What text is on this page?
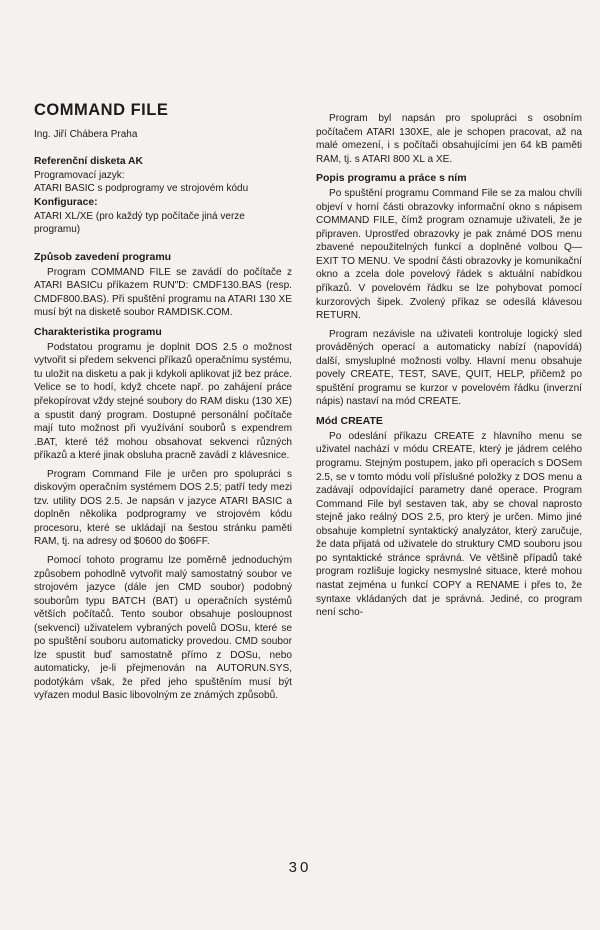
COMMAND FILE
Ing. Jiří Chábera Praha
Referenční disketa AK
Programovací jazyk:
ATARI BASIC s podprogramy ve strojovém kódu
Konfigurace:
ATARI XL/XE (pro každý typ počítače jiná verze programu)
Způsob zavedení programu

Program COMMAND FILE se zavádí do počítače z ATARI BASICu příkazem RUN"D: CMDF130.BAS (resp. CMDF800.BAS). Při spuštění programu na ATARI 130 XE musí být na disketě soubor RAMDISK.COM.

Charakteristika programu

Podstatou programu je doplnit DOS 2.5 o možnost vytvořit si předem sekvenci příkazů operačnímu systému, tu uložit na disketu a pak ji kdykoli aplikovat již bez práce. Velice se to hodí, když chcete např. po zahájení práce překopírovat vždy stejné soubory do RAM disku (130 XE) a spustit daný program. Dostupné personální počítače mají tuto možnost při využívání souborů s expendrem .BAT, které též mohou obsahovat sekvenci různých příkazů a které jinak obsluha pracně zavádí z klávesnice.

Program Command File je určen pro spolupráci s diskovým operačním systémem DOS 2.5; patří tedy mezi tzv. utility DOS 2.5. Je napsán v jazyce ATARI BASIC a doplněn několika podprogramy ve strojovém kódu procesoru, které se ukládají na šestou stránku paměti RAM, tj. na adresy od $0600 do $06FF.

Pomocí tohoto programu lze poměrně jednoduchým způsobem pohodlně vytvořit malý samostatný soubor ve strojovém jazyce (dále jen CMD soubor) podobný souborům typu BATCH (BAT) u operačních systémů větších počítačů. Tento soubor obsahuje posloupnost (sekvenci) uživatelem vybraných povelů DOSu, které se po spuštění souboru automaticky provedou. CMD soubor lze spustit buď samostatně přímo z DOSu, nebo automaticky, je-li přejmenován na AUTORUN.SYS, podotýkám však, že před jeho spuštěním musí být vyřazen modul Basic libovolným ze známých způsobů.

Program byl napsán pro spolupráci s osobním počítačem ATARI 130XE, ale je schopen pracovat, až na malé omezení, i s počítači obsahujícími jen 64 kB paměti RAM, tj. s ATARI 800 XL a XE.

Popis programu a práce s ním

Po spuštění programu Command File se za malou chvíli objeví v horní části obrazovky informační okno s nápisem COMMAND FILE, čímž program oznamuje uživateli, že je připraven. Uprostřed obrazovky je pak známé DOS menu zbavené nepoužitelných funkcí a doplněné volbou Q—EXIT TO MENU. Ve spodní části obrazovky je komunikační okno a zcela dole povelový řádek s aktuální nabídkou příkazů. V povelovém řádku se lze pohybovat pomocí kurzorových šipek. Zvolený příkaz se odesílá klávesou RETURN.

Program nezávisle na uživateli kontroluje logický sled prováděných operací a automaticky nabízí (napovídá) další, smysluplné možnosti volby. Hlavní menu obsahuje povely CREATE, TEST, SAVE, QUIT, HELP, přičemž po spuštění programu se kurzor v povelovém řádku (inverzní nápis) nastaví na mód CREATE.

Mód CREATE

Po odeslání příkazu CREATE z hlavního menu se uživatel nachází v módu CREATE, který je jádrem celého programu. Stejným postupem, jako při operacích s DOSem 2.5, se v tomto módu volí příslušné položky z DOS menu a zadávají odpovídající parametry dané operace. Program Command File byl sestaven tak, aby se choval naprosto stejně jako reálný DOS 2.5, pro který je určen. Mimo jiné obsahuje kompletní syntaktický analyzátor, který zaručuje, že data přijatá od uživatele do struktury CMD souboru jsou po syntaktické stránce správná. Ve většině případů také program rozlišuje logicky nesmyslné situace, které mohou nastat zejména u funkcí COPY a RENAME i přes to, že syntaxe vkládaných dat je správná. Jediné, co program není scho-

30
